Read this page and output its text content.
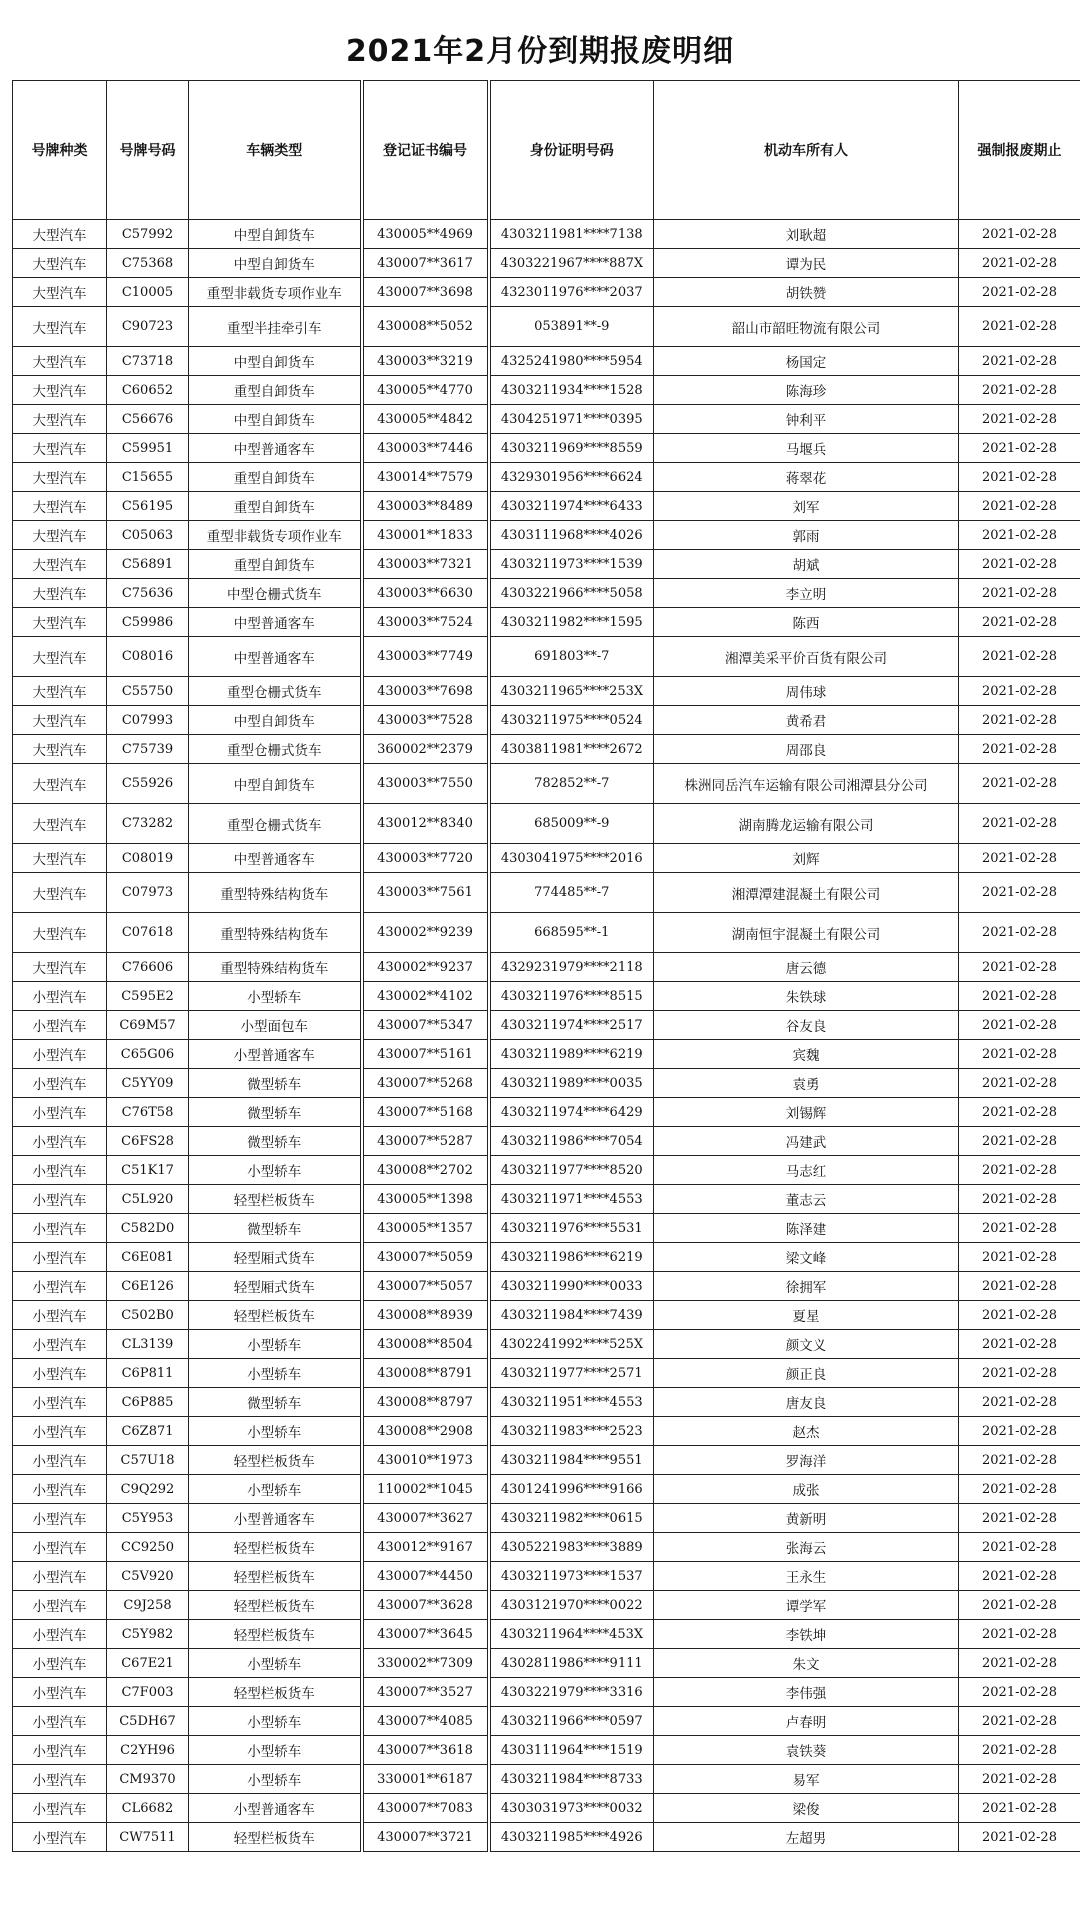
2021年2月份到期报废明细
号牌种类	号牌号码	车辆类型	登记证书编号	身份证明号码	机动车所有人	强制报废期止
大型汽车	C57992	中型自卸货车	430005**4969	4303211981****7138	刘耿超	2021-02-28
大型汽车	C75368	中型自卸货车	430007**3617	4303221967****887X	谭为民	2021-02-28
大型汽车	C10005	重型非载货专项作业车	430007**3698	4323011976****2037	胡铁赞	2021-02-28
大型汽车	C90723	重型半挂牵引车	430008**5052	053891**-9	韶山市韶旺物流有限公司	2021-02-28
大型汽车	C73718	中型自卸货车	430003**3219	4325241980****5954	杨国定	2021-02-28
大型汽车	C60652	重型自卸货车	430005**4770	4303211934****1528	陈海珍	2021-02-28
大型汽车	C56676	中型自卸货车	430005**4842	4304251971****0395	钟利平	2021-02-28
大型汽车	C59951	中型普通客车	430003**7446	4303211969****8559	马堰兵	2021-02-28
大型汽车	C15655	重型自卸货车	430014**7579	4329301956****6624	蒋翠花	2021-02-28
大型汽车	C56195	重型自卸货车	430003**8489	4303211974****6433	刘军	2021-02-28
大型汽车	C05063	重型非载货专项作业车	430001**1833	4303111968****4026	郭雨	2021-02-28
大型汽车	C56891	重型自卸货车	430003**7321	4303211973****1539	胡斌	2021-02-28
大型汽车	C75636	中型仓栅式货车	430003**6630	4303221966****5058	李立明	2021-02-28
大型汽车	C59986	中型普通客车	430003**7524	4303211982****1595	陈西	2021-02-28
大型汽车	C08016	中型普通客车	430003**7749	691803**-7	湘潭美采平价百货有限公司	2021-02-28
大型汽车	C55750	重型仓栅式货车	430003**7698	4303211965****253X	周伟球	2021-02-28
大型汽车	C07993	中型自卸货车	430003**7528	4303211975****0524	黄希君	2021-02-28
大型汽车	C75739	重型仓栅式货车	360002**2379	4303811981****2672	周邵良	2021-02-28
大型汽车	C55926	中型自卸货车	430003**7550	782852**-7	株洲同岳汽车运输有限公司湘潭县分公司	2021-02-28
大型汽车	C73282	重型仓栅式货车	430012**8340	685009**-9	湖南腾龙运输有限公司	2021-02-28
大型汽车	C08019	中型普通客车	430003**7720	4303041975****2016	刘辉	2021-02-28
大型汽车	C07973	重型特殊结构货车	430003**7561	774485**-7	湘潭潭建混凝土有限公司	2021-02-28
大型汽车	C07618	重型特殊结构货车	430002**9239	668595**-1	湖南恒宇混凝土有限公司	2021-02-28
大型汽车	C76606	重型特殊结构货车	430002**9237	4329231979****2118	唐云德	2021-02-28
小型汽车	C595E2	小型轿车	430002**4102	4303211976****8515	朱铁球	2021-02-28
小型汽车	C69M57	小型面包车	430007**5347	4303211974****2517	谷友良	2021-02-28
小型汽车	C65G06	小型普通客车	430007**5161	4303211989****6219	宾魏	2021-02-28
小型汽车	C5YY09	微型轿车	430007**5268	4303211989****0035	袁勇	2021-02-28
小型汽车	C76T58	微型轿车	430007**5168	4303211974****6429	刘锡辉	2021-02-28
小型汽车	C6FS28	微型轿车	430007**5287	4303211986****7054	冯建武	2021-02-28
小型汽车	C51K17	小型轿车	430008**2702	4303211977****8520	马志红	2021-02-28
小型汽车	C5L920	轻型栏板货车	430005**1398	4303211971****4553	董志云	2021-02-28
小型汽车	C582D0	微型轿车	430005**1357	4303211976****5531	陈泽建	2021-02-28
小型汽车	C6E081	轻型厢式货车	430007**5059	4303211986****6219	梁文峰	2021-02-28
小型汽车	C6E126	轻型厢式货车	430007**5057	4303211990****0033	徐拥军	2021-02-28
小型汽车	C502B0	轻型栏板货车	430008**8939	4303211984****7439	夏星	2021-02-28
小型汽车	CL3139	小型轿车	430008**8504	4302241992****525X	颜文义	2021-02-28
小型汽车	C6P811	小型轿车	430008**8791	4303211977****2571	颜正良	2021-02-28
小型汽车	C6P885	微型轿车	430008**8797	4303211951****4553	唐友良	2021-02-28
小型汽车	C6Z871	小型轿车	430008**2908	4303211983****2523	赵杰	2021-02-28
小型汽车	C57U18	轻型栏板货车	430010**1973	4303211984****9551	罗海洋	2021-02-28
小型汽车	C9Q292	小型轿车	110002**1045	4301241996****9166	成张	2021-02-28
小型汽车	C5Y953	小型普通客车	430007**3627	4303211982****0615	黄新明	2021-02-28
小型汽车	CC9250	轻型栏板货车	430012**9167	4305221983****3889	张海云	2021-02-28
小型汽车	C5V920	轻型栏板货车	430007**4450	4303211973****1537	王永生	2021-02-28
小型汽车	C9J258	轻型栏板货车	430007**3628	4303121970****0022	谭学军	2021-02-28
小型汽车	C5Y982	轻型栏板货车	430007**3645	4303211964****453X	李铁坤	2021-02-28
小型汽车	C67E21	小型轿车	330002**7309	4302811986****9111	朱文	2021-02-28
小型汽车	C7F003	轻型栏板货车	430007**3527	4303221979****3316	李伟强	2021-02-28
小型汽车	C5DH67	小型轿车	430007**4085	4303211966****0597	卢春明	2021-02-28
小型汽车	C2YH96	小型轿车	430007**3618	4303111964****1519	袁铁葵	2021-02-28
小型汽车	CM9370	小型轿车	330001**6187	4303211984****8733	易军	2021-02-28
小型汽车	CL6682	小型普通客车	430007**7083	4303031973****0032	梁俊	2021-02-28
小型汽车	CW7511	轻型栏板货车	430007**3721	4303211985****4926	左超男	2021-02-28
